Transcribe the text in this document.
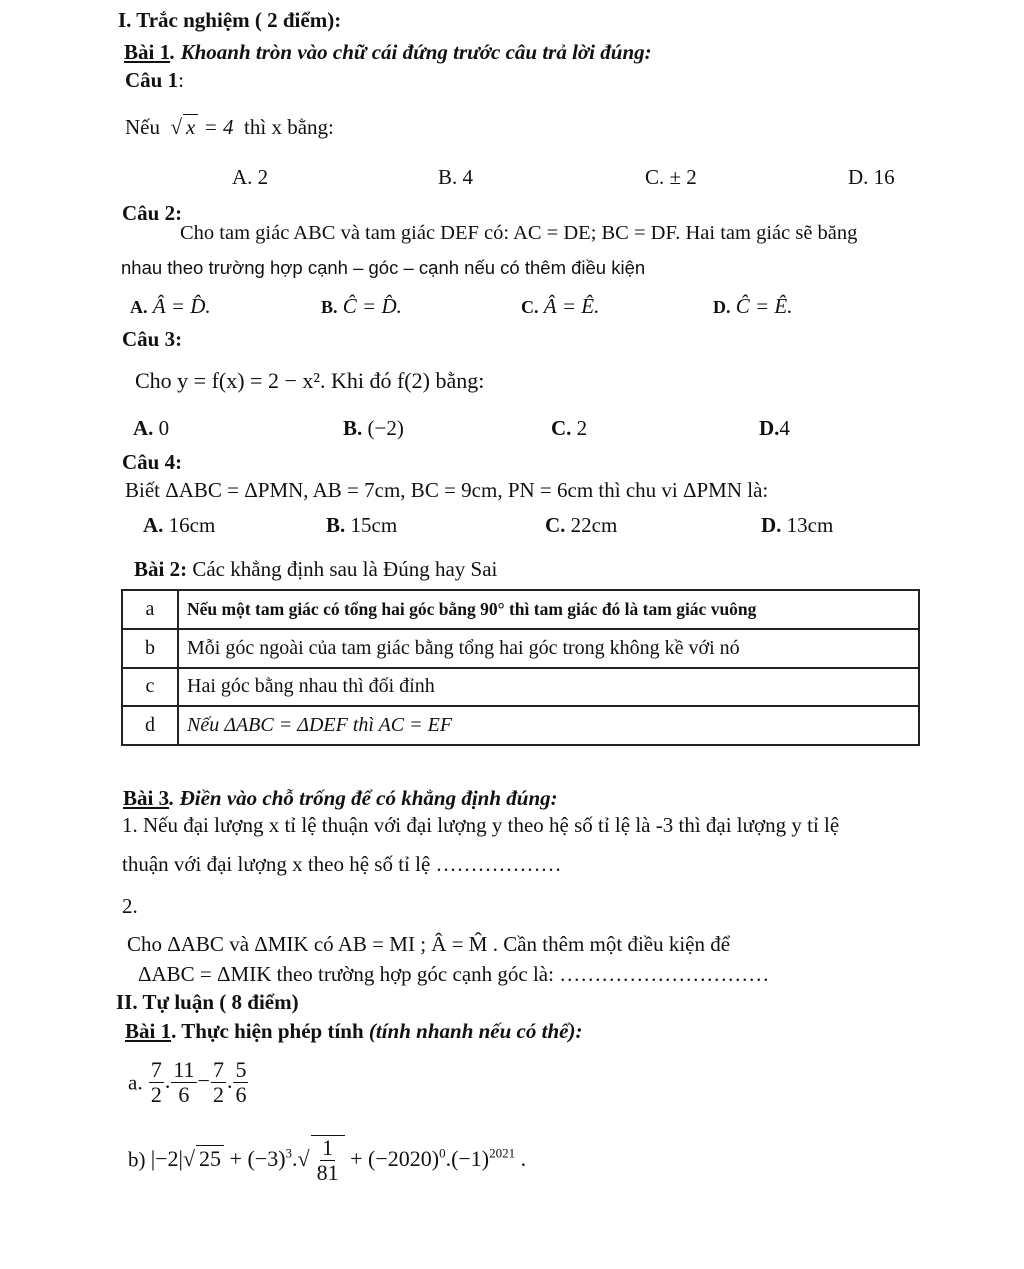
I. Trắc nghiệm ( 2 điểm):
Bài 1. Khoanh tròn vào chữ cái đứng trước câu trả lời đúng:
Câu 1:
Nếu √ x = 4 thì x bằng:
A. 2	B. 4	C. ± 2	D. 16
Câu 2:
Cho tam giác ABC và tam giác DEF có: AC = DE; BC = DF. Hai tam giác sẽ băng
nhau theo trường hợp cạnh – góc – cạnh nếu có thêm điều kiện
A. Â = D̂.	B. Ĉ = D̂.	C. Â = Ê.	D. Ĉ = Ê.
Câu 3:
Cho y = f(x) = 2 − x². Khi đó f(2) bằng:
A. 0	B. (−2)	C. 2	D.4
Câu 4:
Biết ΔABC = ΔPMN, AB = 7cm, BC = 9cm, PN = 6cm thì chu vi ΔPMN là:
A. 16cm	B. 15cm	C. 22cm	D. 13cm
Bài 2: Các khẳng định sau là Đúng hay Sai
a	Nếu một tam giác có tổng hai góc bằng 90° thì tam giác đó là tam giác vuông
b	Mỗi góc ngoài của tam giác bằng tổng hai góc trong không kề với nó
c	Hai góc bằng nhau thì đối đỉnh
d	Nếu ΔABC = ΔDEF thì AC = EF
Bài 3. Điền vào chỗ trống để có khẳng định đúng:
1. Nếu đại lượng x tỉ lệ thuận với đại lượng y theo hệ số tỉ lệ là -3 thì đại lượng y tỉ lệ
thuận với đại lượng x theo hệ số tỉ lệ ………………
2.
Cho ΔABC và ΔMIK có AB = MI ; Â = M̂ . Cần thêm một điều kiện để
ΔABC = ΔMIK theo trường hợp góc cạnh góc là: …………………………
II. Tự luận ( 8 điểm)
Bài 1. Thực hiện phép tính (tính nhanh nếu có thể):
a. $\frac{7}{2}$ . $\frac{11}{6} - \frac{7}{2}$ . $\frac{5}{6}$
b) |−2|√ $25 + (-3)^3.√ \frac{1}{81} + (-2020)^0.(-1)^{2021}$ .
